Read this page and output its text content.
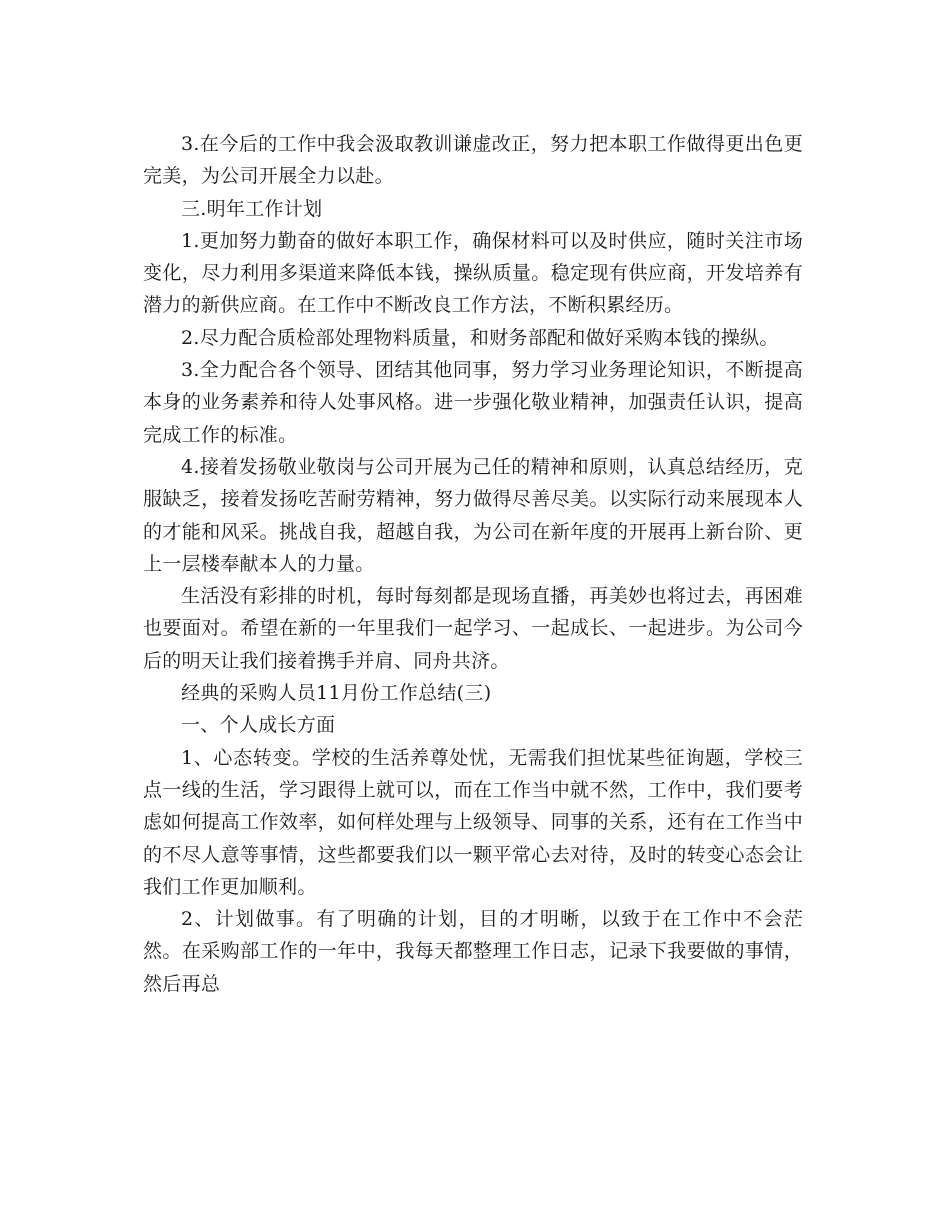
3.在今后的工作中我会汲取教训谦虚改正，努力把本职工作做得更出色更完美，为公司开展全力以赴。

三.明年工作计划

1.更加努力勤奋的做好本职工作，确保材料可以及时供应，随时关注市场变化，尽力利用多渠道来降低本钱，操纵质量。稳定现有供应商，开发培养有潜力的新供应商。在工作中不断改良工作方法，不断积累经历。

2.尽力配合质检部处理物料质量，和财务部配和做好采购本钱的操纵。

3.全力配合各个领导、团结其他同事，努力学习业务理论知识，不断提高本身的业务素养和待人处事风格。进一步强化敬业精神，加强责任认识，提高完成工作的标准。

4.接着发扬敬业敬岗与公司开展为己任的精神和原则，认真总结经历，克服缺乏，接着发扬吃苦耐劳精神，努力做得尽善尽美。以实际行动来展现本人的才能和风采。挑战自我，超越自我，为公司在新年度的开展再上新台阶、更上一层楼奉献本人的力量。

生活没有彩排的时机，每时每刻都是现场直播，再美妙也将过去，再困难也要面对。希望在新的一年里我们一起学习、一起成长、一起进步。为公司今后的明天让我们接着携手并肩、同舟共济。

经典的采购人员11月份工作总结(三)

一、个人成长方面

1、心态转变。学校的生活养尊处忧，无需我们担忧某些征询题，学校三点一线的生活，学习跟得上就可以，而在工作当中就不然，工作中，我们要考虑如何提高工作效率，如何样处理与上级领导、同事的关系，还有在工作当中的不尽人意等事情，这些都要我们以一颗平常心去对待，及时的转变心态会让我们工作更加顺利。

2、计划做事。有了明确的计划，目的才明晰，以致于在工作中不会茫然。在采购部工作的一年中，我每天都整理工作日志，记录下我要做的事情，然后再总
